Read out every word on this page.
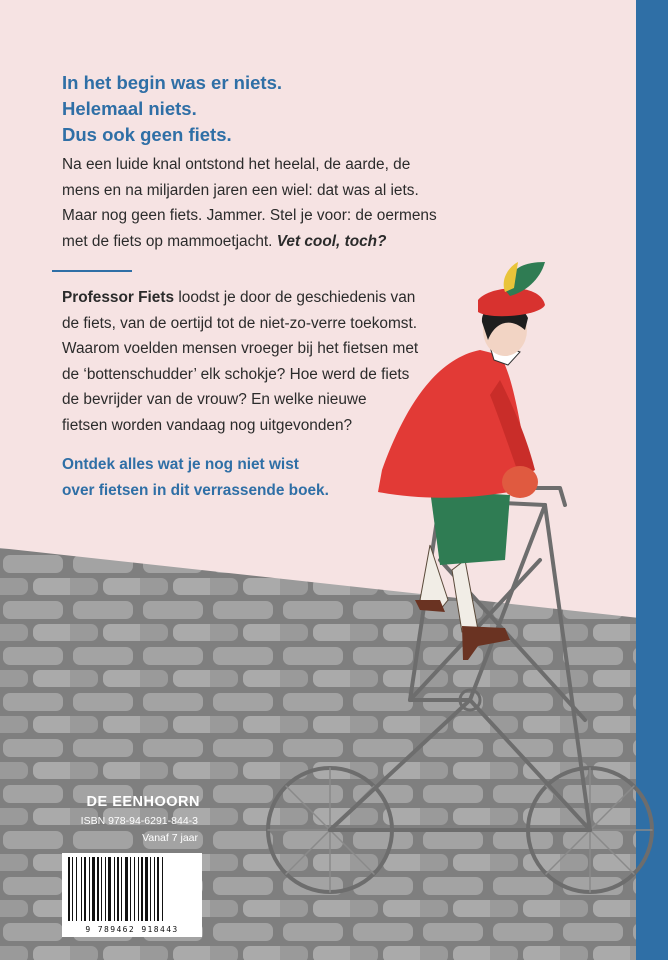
In het begin was er niets.

Helemaal niets.

Dus ook geen fiets.

Na een luide knal ontstond het heelal, de aarde, de
mens en na miljarden jaren een wiel: dat was al iets.
Maar nog geen fiets. Jammer. Stel je voor: de oermens
met de fiets op mammoetjacht. Vet cool, toch?

Professor Fiets loodst je door de geschiedenis van
de fiets, van de oertijd tot de niet-zo-verre toekomst.
Waarom voelden mensen vroeger bij het fietsen met
de ‘bottenschudder’ elk schokje? Hoe werd de fiets
de bevrijder van de vrouw? En welke nieuwe
fietsen worden vandaag nog uitgevonden?

Ontdek alles wat je nog niet wist
over fietsen in dit verrassende boek.

DE EENHOORN
ISBN 978-94-6291-844-3
Vanaf 7 jaar
9 789462 918443
